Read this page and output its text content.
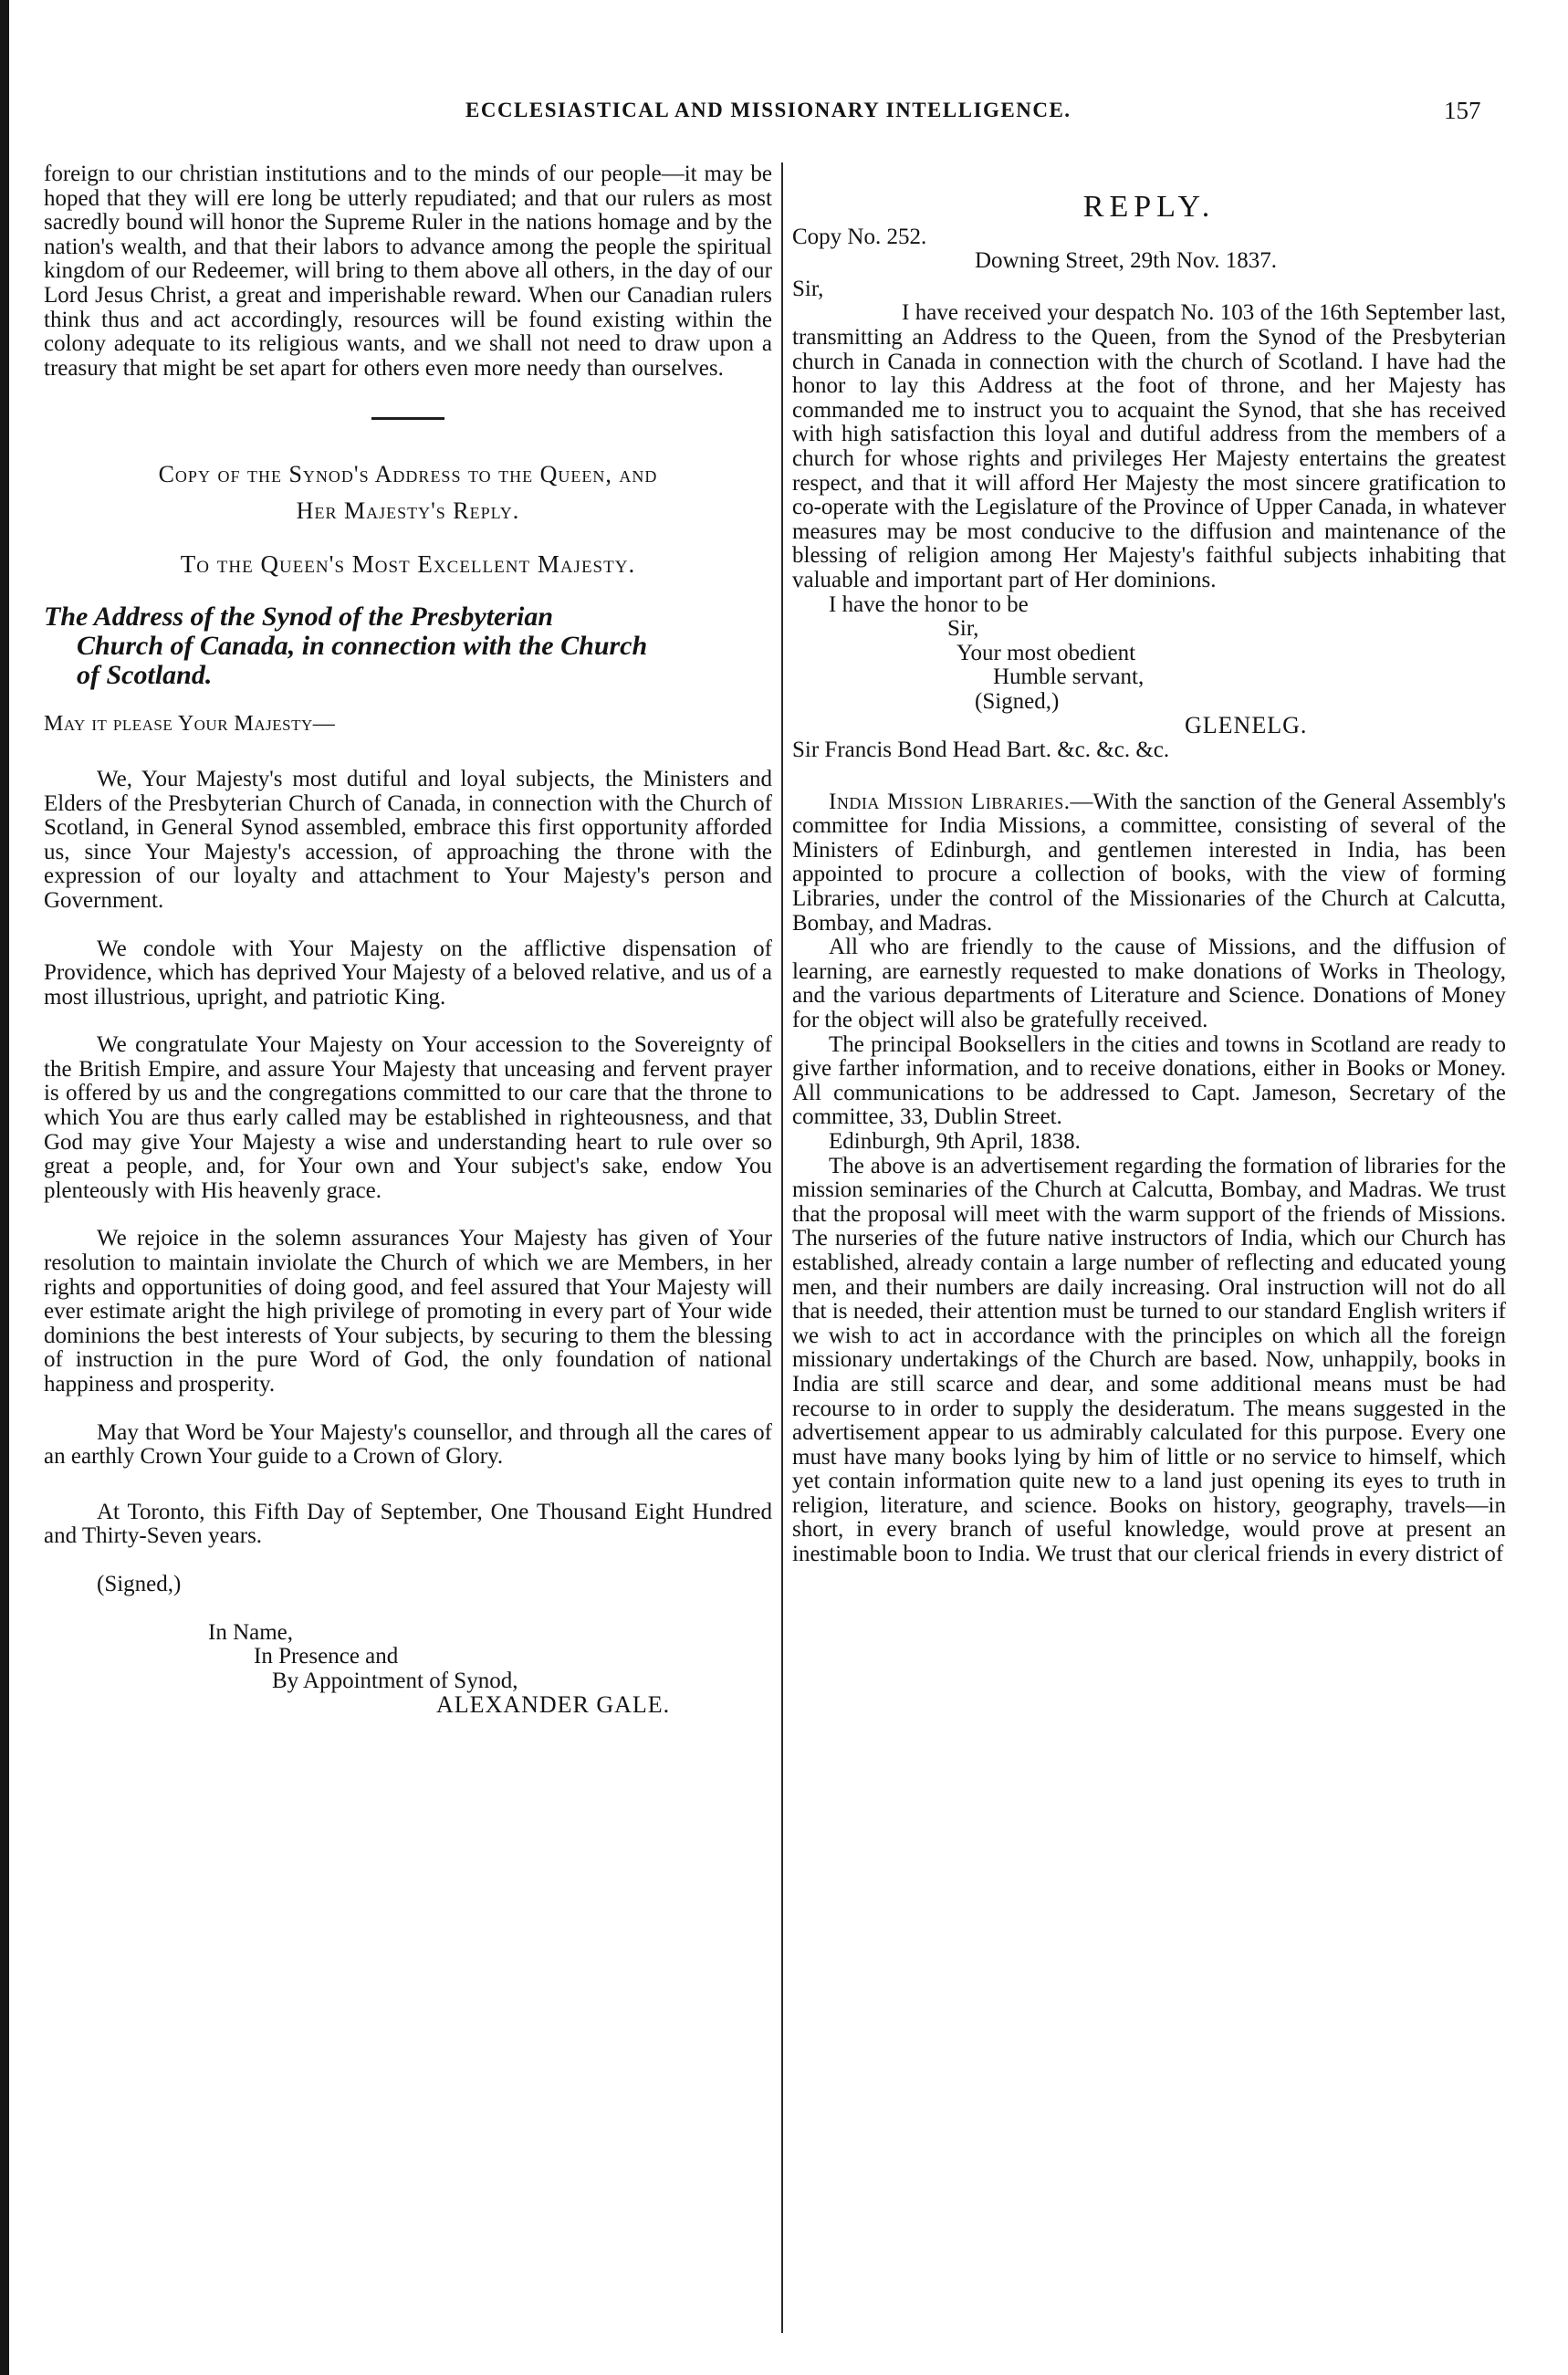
ECCLESIASTICAL AND MISSIONARY INTELLIGENCE.	157

foreign to our christian institutions and to the minds of our people—it may be hoped that they will ere long be utterly repudiated; and that our rulers as most sacredly bound will honor the Supreme Ruler in the nations homage and by the nation's wealth, and that their labors to advance among the people the spiritual kingdom of our Redeemer, will bring to them above all others, in the day of our Lord Jesus Christ, a great and imperishable reward. When our Canadian rulers think thus and act accordingly, resources will be found existing within the colony adequate to its religious wants, and we shall not need to draw upon a treasury that might be set apart for others even more needy than ourselves.

Copy of the Synod's Address to the Queen, and

Her Majesty's Reply.

To the Queen's Most Excellent Majesty.

The Address of the Synod of the Presbyterian
Church of Canada, in connection with the Church
of Scotland.

May it please Your Majesty—

We, Your Majesty's most dutiful and loyal subjects, the Ministers and Elders of the Presbyterian Church of Canada, in connection with the Church of Scotland, in General Synod assembled, embrace this first opportunity afforded us, since Your Majesty's accession, of approaching the throne with the expression of our loyalty and attachment to Your Majesty's person and Government.

We condole with Your Majesty on the afflictive dispensation of Providence, which has deprived Your Majesty of a beloved relative, and us of a most illustrious, upright, and patriotic King.

We congratulate Your Majesty on Your accession to the Sovereignty of the British Empire, and assure Your Majesty that unceasing and fervent prayer is offered by us and the congregations committed to our care that the throne to which You are thus early called may be established in righteousness, and that God may give Your Majesty a wise and understanding heart to rule over so great a people, and, for Your own and Your subject's sake, endow You plenteously with His heavenly grace.

We rejoice in the solemn assurances Your Majesty has given of Your resolution to maintain inviolate the Church of which we are Members, in her rights and opportunities of doing good, and feel assured that Your Majesty will ever estimate aright the high privilege of promoting in every part of Your wide dominions the best interests of Your subjects, by securing to them the blessing of instruction in the pure Word of God, the only foundation of national happiness and prosperity.

May that Word be Your Majesty's counsellor, and through all the cares of an earthly Crown Your guide to a Crown of Glory.

At Toronto, this Fifth Day of September, One Thousand Eight Hundred and Thirty-Seven years.

(Signed,)

In Name,

In Presence and

By Appointment of Synod,

ALEXANDER GALE.

REPLY.

Copy No. 252.

Downing Street, 29th Nov. 1837.

Sir,

I have received your despatch No. 103 of the 16th September last, transmitting an Address to the Queen, from the Synod of the Presbyterian church in Canada in connection with the church of Scotland. I have had the honor to lay this Address at the foot of throne, and her Majesty has commanded me to instruct you to acquaint the Synod, that she has received with high satisfaction this loyal and dutiful address from the members of a church for whose rights and privileges Her Majesty entertains the greatest respect, and that it will afford Her Majesty the most sincere gratification to co-operate with the Legislature of the Province of Upper Canada, in whatever measures may be most conducive to the diffusion and maintenance of the blessing of religion among Her Majesty's faithful subjects inhabiting that valuable and important part of Her dominions.

I have the honor to be

Sir,

Your most obedient

Humble servant,

(Signed,)

GLENELG.

Sir Francis Bond Head Bart. &c. &c. &c.

India Mission Libraries.—With the sanction of the General Assembly's committee for India Missions, a committee, consisting of several of the Ministers of Edinburgh, and gentlemen interested in India, has been appointed to procure a collection of books, with the view of forming Libraries, under the control of the Missionaries of the Church at Calcutta, Bombay, and Madras.

All who are friendly to the cause of Missions, and the diffusion of learning, are earnestly requested to make donations of Works in Theology, and the various departments of Literature and Science. Donations of Money for the object will also be gratefully received.

The principal Booksellers in the cities and towns in Scotland are ready to give farther information, and to receive donations, either in Books or Money. All communications to be addressed to Capt. Jameson, Secretary of the committee, 33, Dublin Street.

Edinburgh, 9th April, 1838.

The above is an advertisement regarding the formation of libraries for the mission seminaries of the Church at Calcutta, Bombay, and Madras. We trust that the proposal will meet with the warm support of the friends of Missions. The nurseries of the future native instructors of India, which our Church has established, already contain a large number of reflecting and educated young men, and their numbers are daily increasing. Oral instruction will not do all that is needed, their attention must be turned to our standard English writers if we wish to act in accordance with the principles on which all the foreign missionary undertakings of the Church are based. Now, unhappily, books in India are still scarce and dear, and some additional means must be had recourse to in order to supply the desideratum. The means suggested in the advertisement appear to us admirably calculated for this purpose. Every one must have many books lying by him of little or no service to himself, which yet contain information quite new to a land just opening its eyes to truth in religion, literature, and science. Books on history, geography, travels—in short, in every branch of useful knowledge, would prove at present an inestimable boon to India. We trust that our clerical friends in every district of
